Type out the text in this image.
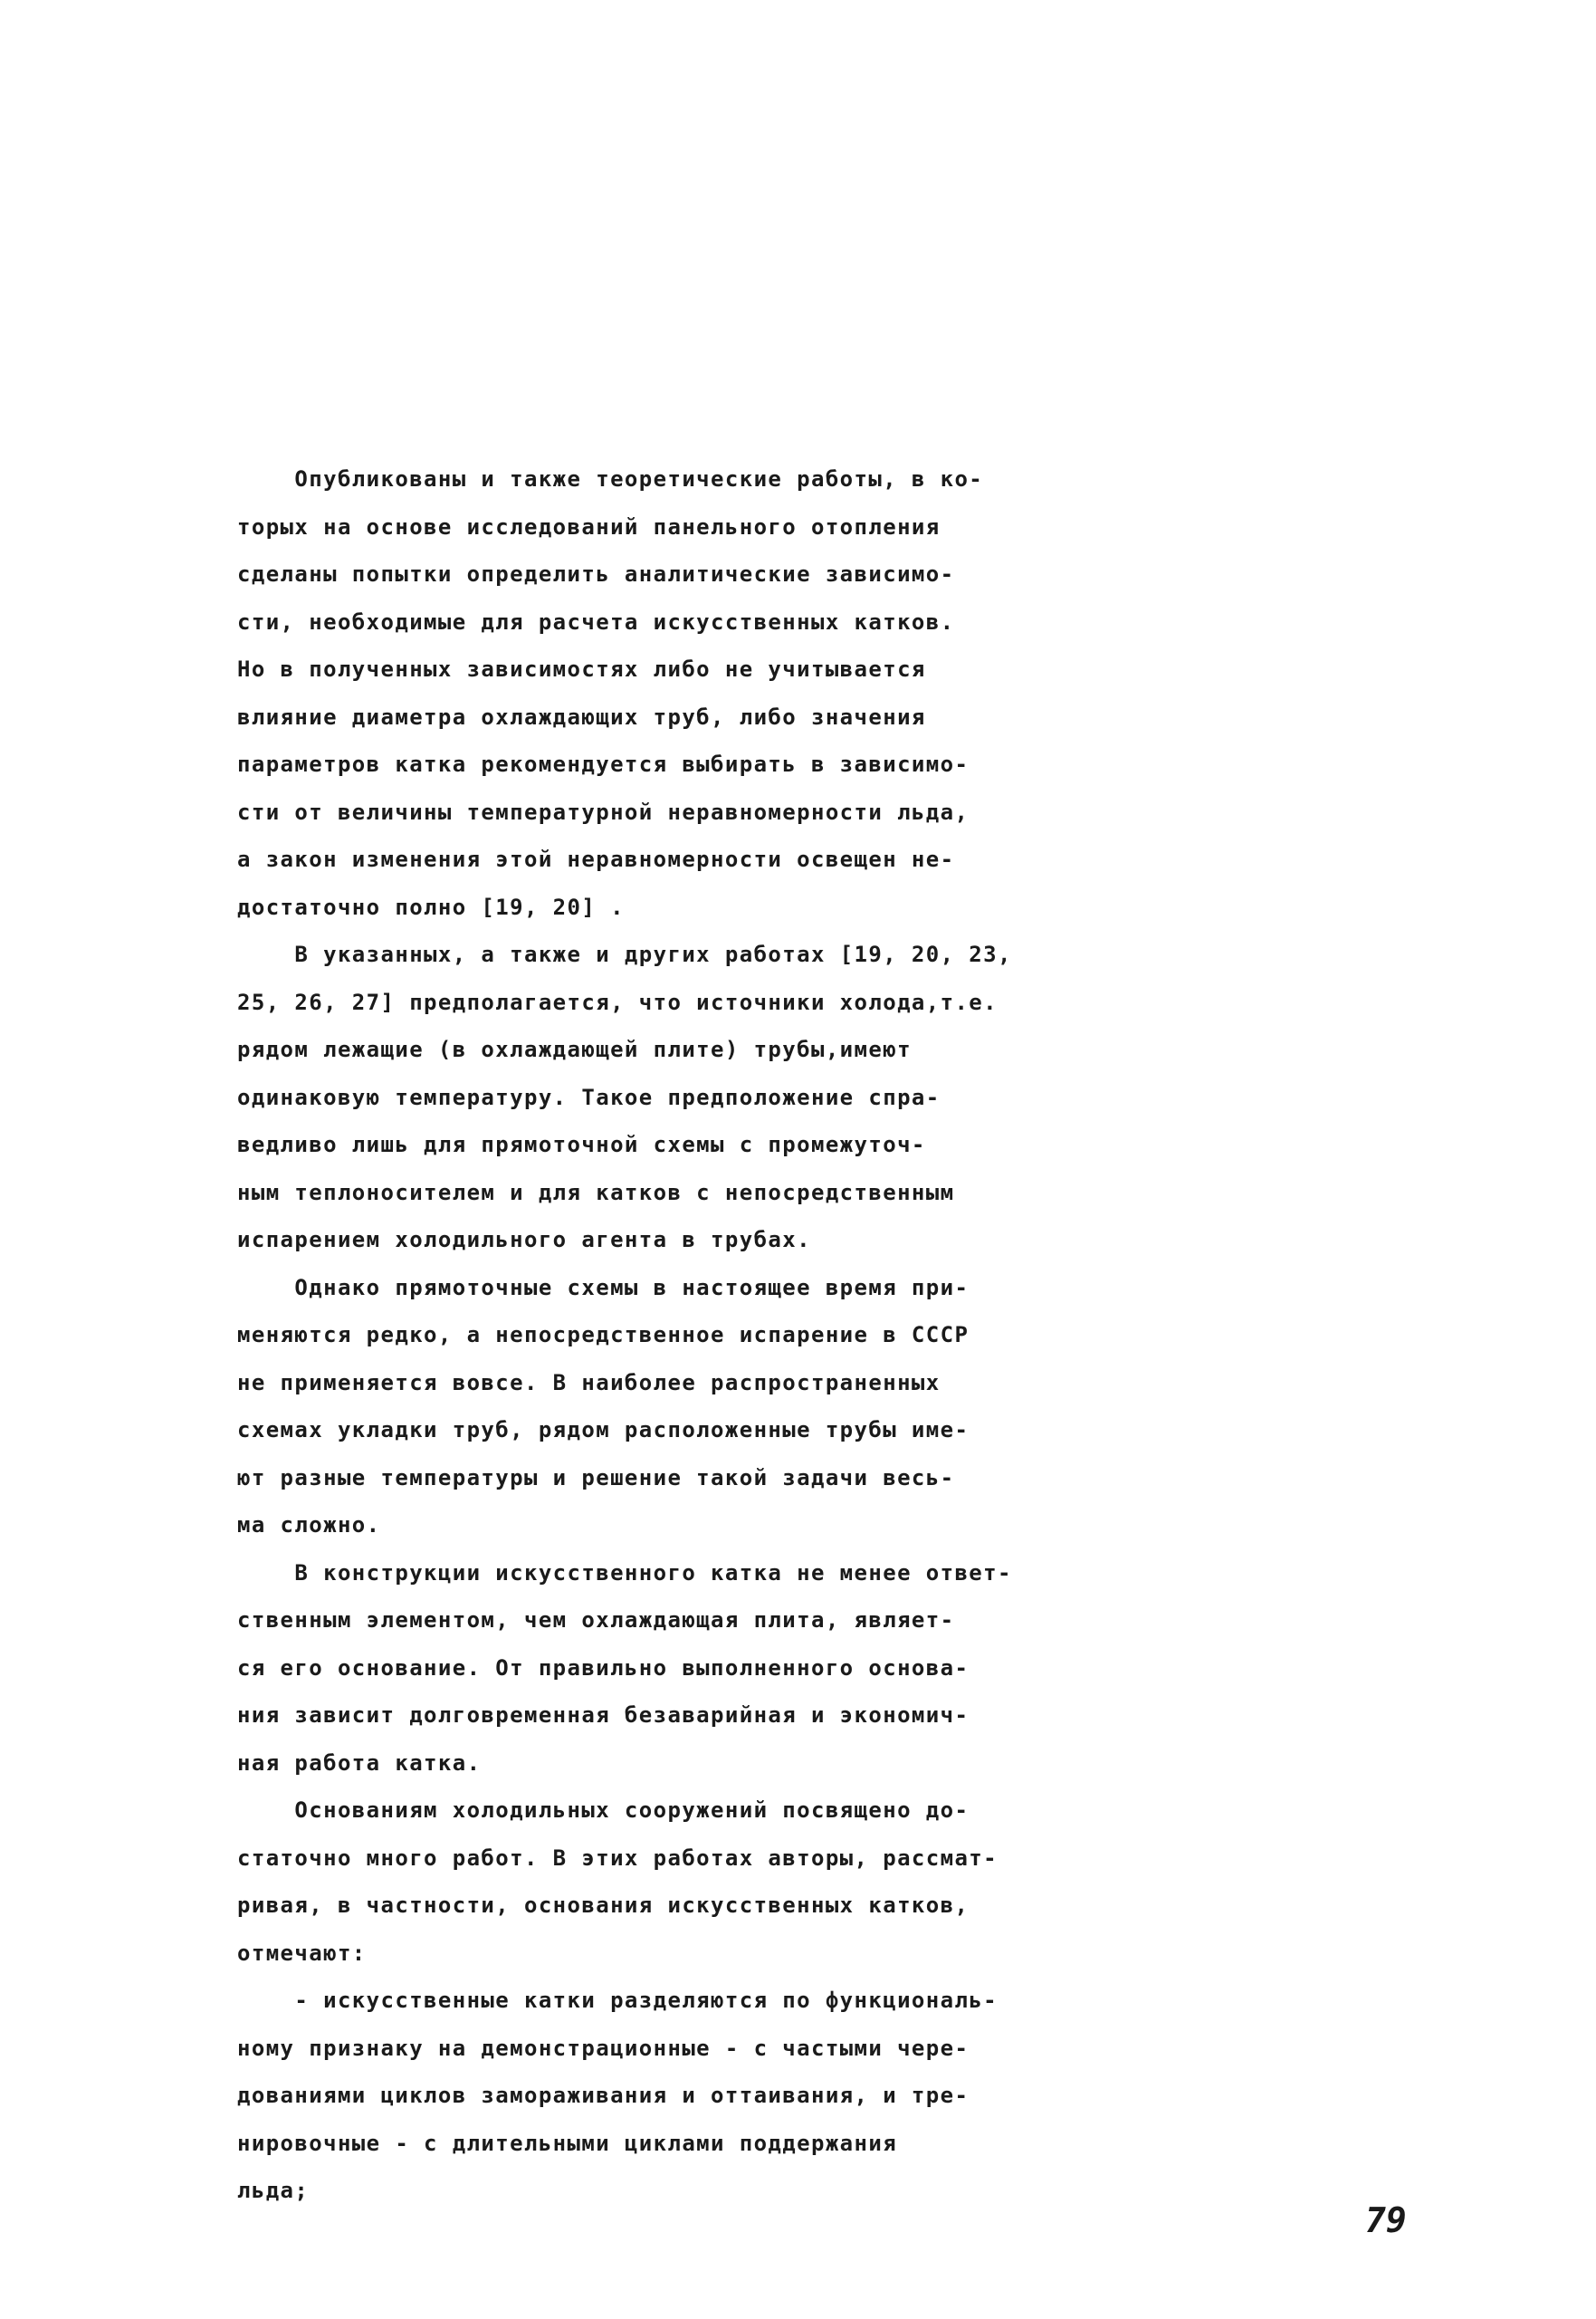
Опубликованы и также теоретические работы, в ко-
торых на основе исследований панельного отопления
сделаны попытки определить аналитические зависимо-
сти, необходимые для расчета искусственных катков.
Но в полученных зависимостях либо не учитывается
влияние диаметра охлаждающих труб, либо значения
параметров катка рекомендуется выбирать в зависимо-
сти от величины температурной неравномерности льда,
а закон изменения этой неравномерности освещен не-
достаточно полно [19, 20] .
В указанных, а также и других работах [19, 20, 23,
25, 26, 27] предполагается, что источники холода,т.е.
рядом лежащие (в охлаждающей плите) трубы,имеют
одинаковую температуру. Такое предположение спра-
ведливо лишь для прямоточной схемы с промежуточ-
ным теплоносителем и для катков с непосредственным
испарением холодильного агента в трубах.
Однако прямоточные схемы в настоящее время при-
меняются редко, а непосредственное испарение в СССР
не применяется вовсе. В наиболее распространенных
схемах укладки труб, рядом расположенные трубы име-
ют разные температуры и решение такой задачи весь-
ма сложно.
В конструкции искусственного катка не менее ответ-
ственным элементом, чем охлаждающая плита, являет-
ся его основание. От правильно выполненного основа-
ния зависит долговременная безаварийная и экономич-
ная работа катка.
Основаниям холодильных сооружений посвящено до-
статочно много работ. В этих работах авторы, рассмат-
ривая, в частности, основания искусственных катков,
отмечают:
- искусственные катки разделяются по функциональ-
ному признаку на демонстрационные - с частыми чере-
дованиями циклов замораживания и оттаивания, и тре-
нировочные - с длительными циклами поддержания
льда;
79
